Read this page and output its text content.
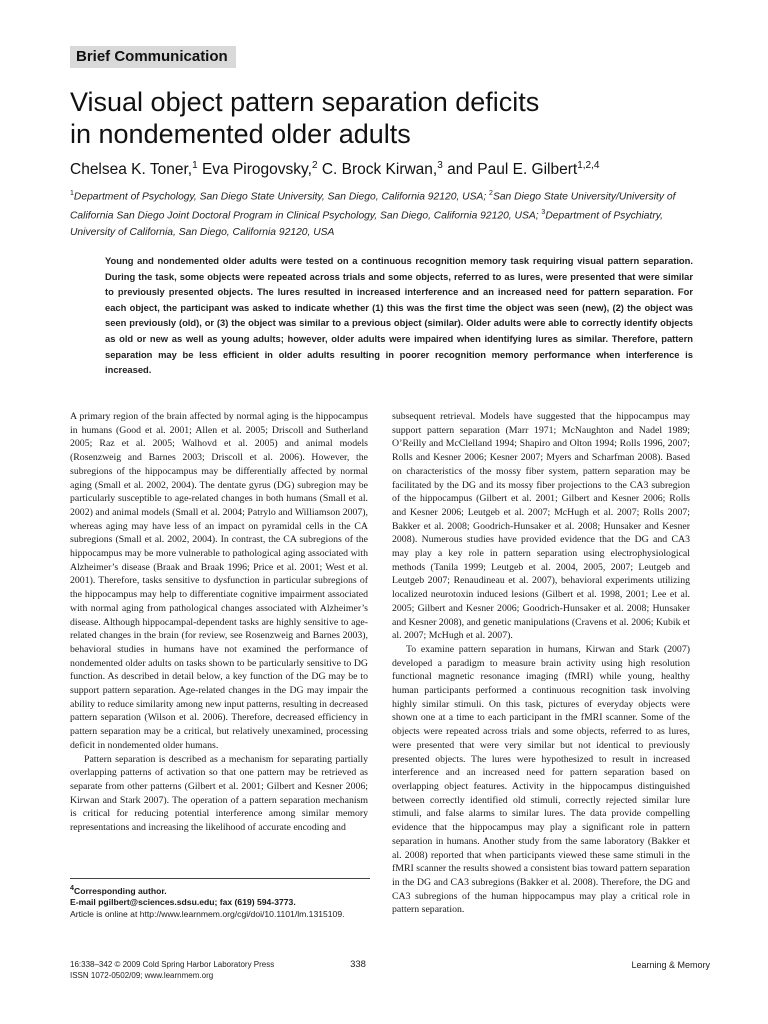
Brief Communication
Visual object pattern separation deficits
in nondemented older adults
Chelsea K. Toner,$^1$ Eva Pirogovsky,$^2$ C. Brock Kirwan,$^3$ and Paul E. Gilbert$^{1,2,4}$
$^1$Department of Psychology, San Diego State University, San Diego, California 92120, USA; $^2$San Diego State University/University of California San Diego Joint Doctoral Program in Clinical Psychology, San Diego, California 92120, USA; $^3$Department of Psychiatry, University of California, San Diego, California 92120, USA

Young and nondemented older adults were tested on a continuous recognition memory task requiring visual pattern separation. During the task, some objects were repeated across trials and some objects, referred to as lures, were presented that were similar to previously presented objects. The lures resulted in increased interference and an increased need for pattern separation. For each object, the participant was asked to indicate whether (1) this was the first time the object was seen (new), (2) the object was seen previously (old), or (3) the object was similar to a previous object (similar). Older adults were able to correctly identify objects as old or new as well as young adults; however, older adults were impaired when identifying lures as similar. Therefore, pattern separation may be less efficient in older adults resulting in poorer recognition memory performance when interference is increased.

A primary region of the brain affected by normal aging is the hippocampus in humans (Good et al. 2001; Allen et al. 2005; Driscoll and Sutherland 2005; Raz et al. 2005; Walhovd et al. 2005) and animal models (Rosenzweig and Barnes 2003; Driscoll et al. 2006). However, the subregions of the hippocampus may be differentially affected by normal aging (Small et al. 2002, 2004). The dentate gyrus (DG) subregion may be particularly susceptible to age-related changes in both humans (Small et al. 2002) and animal models (Small et al. 2004; Patrylo and Williamson 2007), whereas aging may have less of an impact on pyramidal cells in the CA subregions (Small et al. 2002, 2004). In contrast, the CA subregions of the hippocampus may be more vulnerable to pathological aging associated with Alzheimer’s disease (Braak and Braak 1996; Price et al. 2001; West et al. 2001). Therefore, tasks sensitive to dysfunction in particular subregions of the hippocampus may help to differentiate cognitive impairment associated with normal aging from pathological changes associated with Alzheimer’s disease. Although hippocampal-dependent tasks are highly sensitive to age-related changes in the brain (for review, see Rosenzweig and Barnes 2003), behavioral studies in humans have not examined the performance of nondemented older adults on tasks shown to be particularly sensitive to DG function. As described in detail below, a key function of the DG may be to support pattern separation. Age-related changes in the DG may impair the ability to reduce similarity among new input patterns, resulting in decreased pattern separation (Wilson et al. 2006). Therefore, decreased efficiency in pattern separation may be a critical, but relatively unexamined, processing deficit in nondemented older humans.

Pattern separation is described as a mechanism for separating partially overlapping patterns of activation so that one pattern may be retrieved as separate from other patterns (Gilbert et al. 2001; Gilbert and Kesner 2006; Kirwan and Stark 2007). The operation of a pattern separation mechanism is critical for reducing potential interference among similar memory representations and increasing the likelihood of accurate encoding and

subsequent retrieval. Models have suggested that the hippocampus may support pattern separation (Marr 1971; McNaughton and Nadel 1989; O’Reilly and McClelland 1994; Shapiro and Olton 1994; Rolls 1996, 2007; Rolls and Kesner 2006; Kesner 2007; Myers and Scharfman 2008). Based on characteristics of the mossy fiber system, pattern separation may be facilitated by the DG and its mossy fiber projections to the CA3 subregion of the hippocampus (Gilbert et al. 2001; Gilbert and Kesner 2006; Rolls and Kesner 2006; Leutgeb et al. 2007; McHugh et al. 2007; Rolls 2007; Bakker et al. 2008; Goodrich-Hunsaker et al. 2008; Hunsaker and Kesner 2008). Numerous studies have provided evidence that the DG and CA3 may play a key role in pattern separation using electrophysiological methods (Tanila 1999; Leutgeb et al. 2004, 2005, 2007; Leutgeb and Leutgeb 2007; Renaudineau et al. 2007), behavioral experiments utilizing localized neurotoxin induced lesions (Gilbert et al. 1998, 2001; Lee et al. 2005; Gilbert and Kesner 2006; Goodrich-Hunsaker et al. 2008; Hunsaker and Kesner 2008), and genetic manipulations (Cravens et al. 2006; Kubik et al. 2007; McHugh et al. 2007).

To examine pattern separation in humans, Kirwan and Stark (2007) developed a paradigm to measure brain activity using high resolution functional magnetic resonance imaging (fMRI) while young, healthy human participants performed a continuous recognition task involving highly similar stimuli. On this task, pictures of everyday objects were shown one at a time to each participant in the fMRI scanner. Some of the objects were repeated across trials and some objects, referred to as lures, were presented that were very similar but not identical to previously presented objects. The lures were hypothesized to result in increased interference and an increased need for pattern separation based on overlapping object features. Activity in the hippocampus distinguished between correctly identified old stimuli, correctly rejected similar lure stimuli, and false alarms to similar lures. The data provide compelling evidence that the hippocampus may play a significant role in pattern separation in humans. Another study from the same laboratory (Bakker et al. 2008) reported that when participants viewed these same stimuli in the fMRI scanner the results showed a consistent bias toward pattern separation in the DG and CA3 subregions (Bakker et al. 2008). Therefore, the DG and CA3 subregions of the human hippocampus may play a critical role in pattern separation.

$^4$Corresponding author.
E-mail pgilbert@sciences.sdsu.edu; fax (619) 594-3773.
Article is online at http://www.learnmem.org/cgi/doi/10.1101/lm.1315109.
16:338–342 © 2009 Cold Spring Harbor Laboratory Press
ISSN 1072-0502/09; www.learnmem.org
338	Learning & Memory
